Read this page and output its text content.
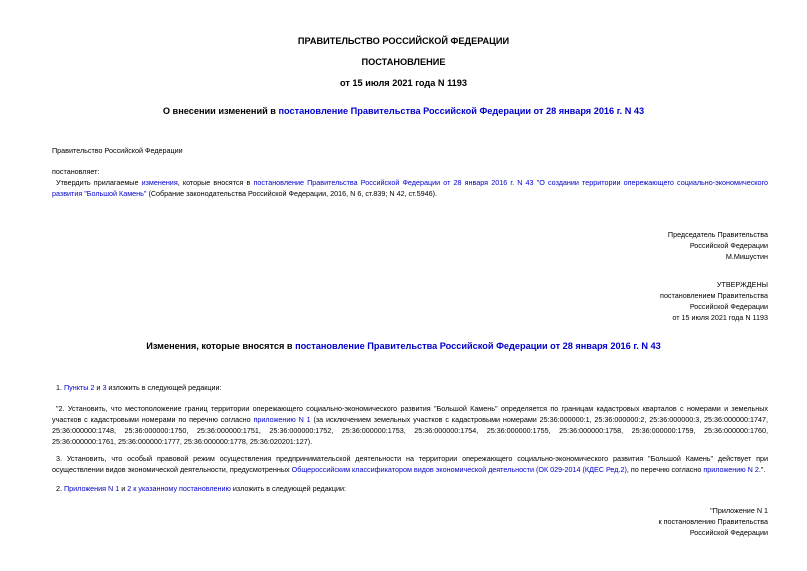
ПРАВИТЕЛЬСТВО РОССИЙСКОЙ ФЕДЕРАЦИИ
ПОСТАНОВЛЕНИЕ
от 15 июля 2021 года N 1193
О внесении изменений в постановление Правительства Российской Федерации от 28 января 2016 г. N 43
Правительство Российской Федерации
постановляет:
Утвердить прилагаемые изменения, которые вносятся в постановление Правительства Российской Федерации от 28 января 2016 г. N 43 "О создании территории опережающего социально-экономического развития "Большой Камень" (Собрание законодательства Российской Федерации, 2016, N 6, ст.839; N 42, ст.5946).
Председатель Правительства
Российской Федерации
М.Мишустин
УТВЕРЖДЕНЫ
постановлением Правительства
Российской Федерации
от 15 июля 2021 года N 1193
Изменения, которые вносятся в постановление Правительства Российской Федерации от 28 января 2016 г. N 43
1. Пункты 2 и 3 изложить в следующей редакции:
"2. Установить, что местоположение границ территории опережающего социально-экономического развития "Большой Камень" определяется по границам кадастровых кварталов с номерами и земельных участков с кадастровыми номерами по перечню согласно приложению N 1 (за исключением земельных участков с кадастровыми номерами 25:36:000000:1, 25:36:000000:2, 25:36:000000:3, 25:36:000000:1747, 25:36:000000:1748, 25:36:000000:1750, 25:36:000000:1751, 25:36:000000:1752, 25:36:000000:1753, 25:36:000000:1754, 25:36:000000:1755, 25:36:000000:1758, 25:36:000000:1759, 25:36:000000:1760, 25:36:000000:1761, 25:36:000000:1777, 25:36:000000:1778, 25:36:020201:127).
3. Установить, что особый правовой режим осуществления предпринимательской деятельности на территории опережающего социально-экономического развития "Большой Камень" действует при осуществлении видов экономической деятельности, предусмотренных Общероссийским классификатором видов экономической деятельности (ОК 029-2014 (КДЕС Ред.2), по перечню согласно приложению N 2.".
2. Приложения N 1 и 2 к указанному постановлению изложить в следующей редакции:
"Приложение N 1
к постановлению Правительства
Российской Федерации
